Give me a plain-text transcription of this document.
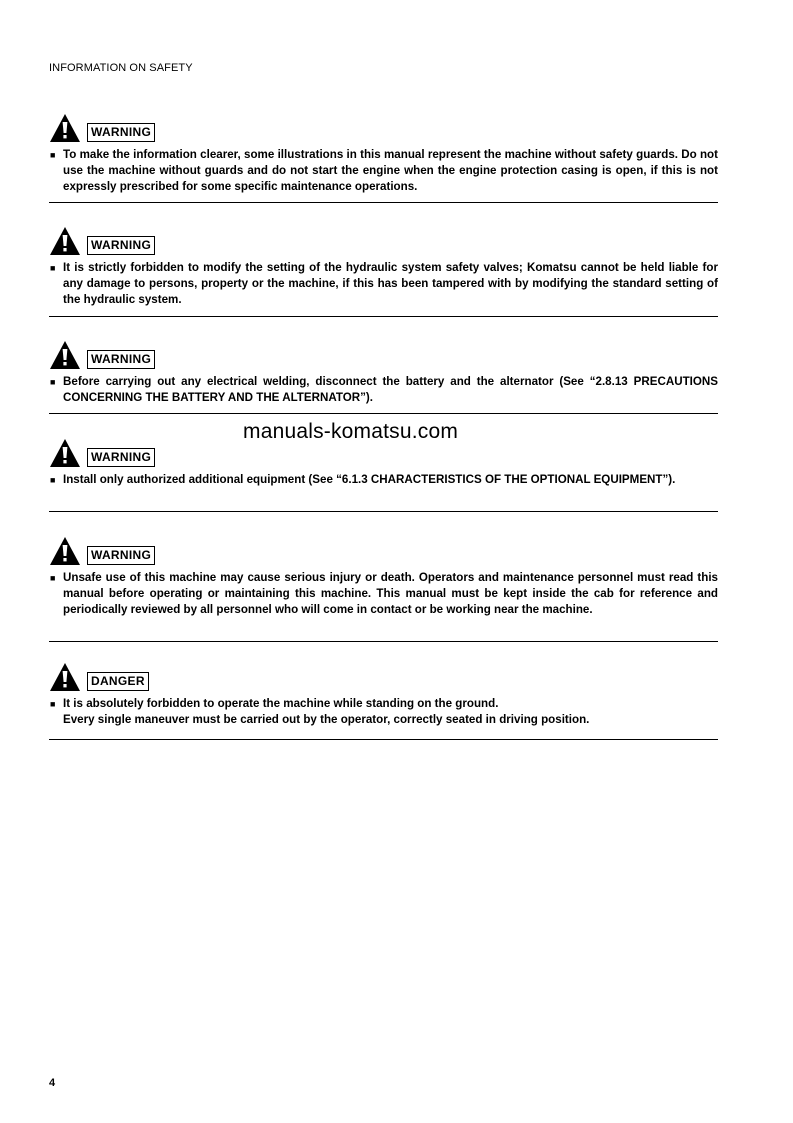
INFORMATION ON SAFETY
WARNING
■ To make the information clearer, some illustrations in this manual represent the machine without safety guards. Do not use the machine without guards and do not start the engine when the engine protection casing is open, if this is not expressly prescribed for some specific maintenance operations.
WARNING
■ It is strictly forbidden to modify the setting of the hydraulic system safety valves; Komatsu cannot be held liable for any damage to persons, property or the machine, if this has been tampered with by modifying the standard setting of the hydraulic system.
WARNING
■ Before carrying out any electrical welding, disconnect the battery and the alternator (See “2.8.13 PRECAUTIONS CONCERNING THE BATTERY AND THE ALTERNATOR”).
manuals-komatsu.com
WARNING
■ Install only authorized additional equipment (See “6.1.3 CHARACTERISTICS OF THE OPTIONAL EQUIPMENT”).
WARNING
■ Unsafe use of this machine may cause serious injury or death. Operators and maintenance personnel must read this manual before operating or maintaining this machine. This manual must be kept inside the cab for reference and periodically reviewed by all personnel who will come in contact or be working near the machine.
DANGER
■ It is absolutely forbidden to operate the machine while standing on the ground.
Every single maneuver must be carried out by the operator, correctly seated in driving position.
4
